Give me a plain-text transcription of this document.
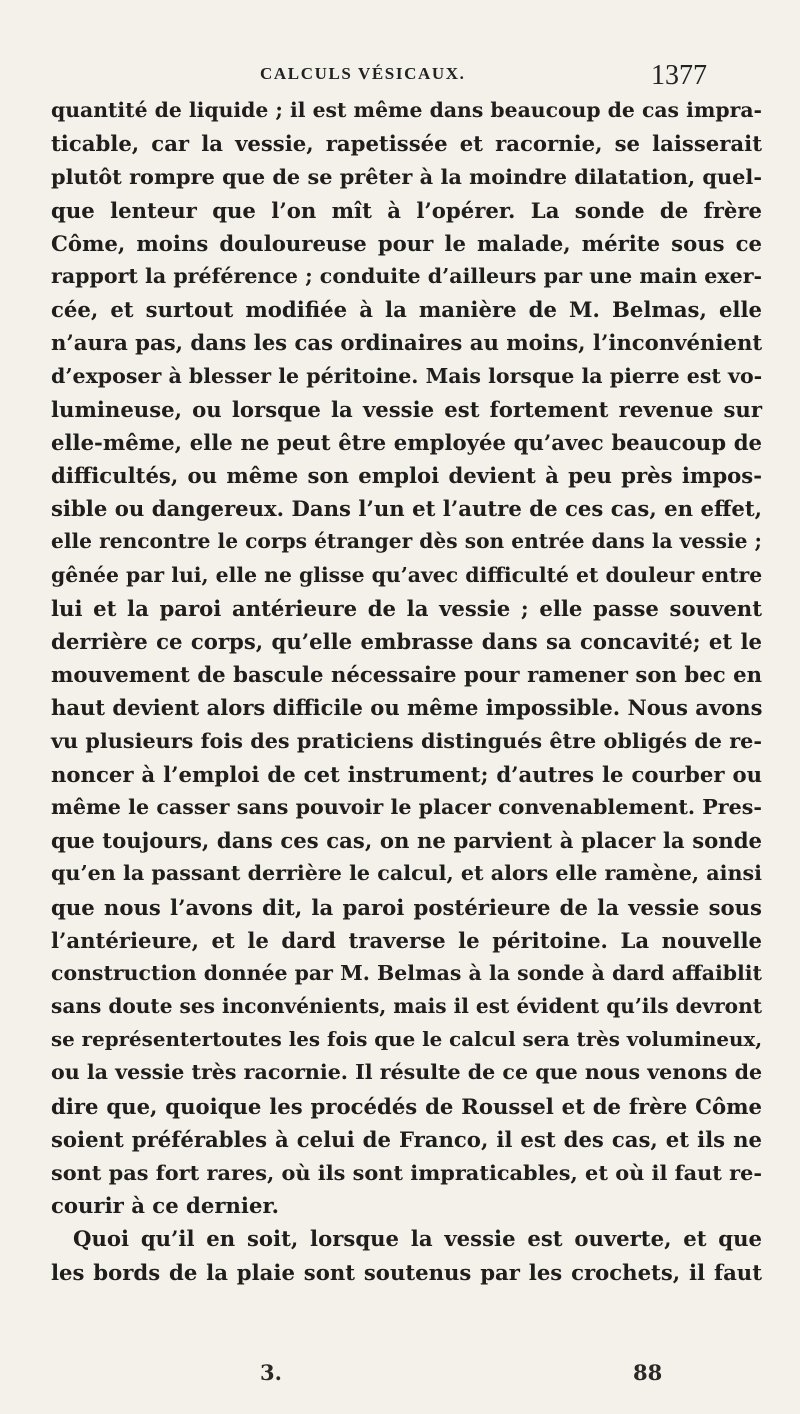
CALCULS VÉSICAUX.	1377
quantité de liquide ; il est même dans beaucoup de cas impra-
ticable, car la vessie, rapetissée et racornie, se laisserait
plutôt rompre que de se prêter à la moindre dilatation, quel-
que lenteur que l’on mît à l’opérer. La sonde de frère
Côme, moins douloureuse pour le malade, mérite sous ce
rapport la préférence ; conduite d’ailleurs par une main exer-
cée, et surtout modifiée à la manière de M. Belmas, elle
n’aura pas, dans les cas ordinaires au moins, l’inconvénient
d’exposer à blesser le péritoine. Mais lorsque la pierre est vo-
lumineuse, ou lorsque la vessie est fortement revenue sur
elle-même, elle ne peut être employée qu’avec beaucoup de
difficultés, ou même son emploi devient à peu près impos-
sible ou dangereux. Dans l’un et l’autre de ces cas, en effet,
elle rencontre le corps étranger dès son entrée dans la vessie ;
gênée par lui, elle ne glisse qu’avec difficulté et douleur entre
lui et la paroi antérieure de la vessie ; elle passe souvent
derrière ce corps, qu’elle embrasse dans sa concavité; et le
mouvement de bascule nécessaire pour ramener son bec en
haut devient alors difficile ou même impossible. Nous avons
vu plusieurs fois des praticiens distingués être obligés de re-
noncer à l’emploi de cet instrument; d’autres le courber ou
même le casser sans pouvoir le placer convenablement. Pres-
que toujours, dans ces cas, on ne parvient à placer la sonde
qu’en la passant derrière le calcul, et alors elle ramène, ainsi
que nous l’avons dit, la paroi postérieure de la vessie sous
l’antérieure, et le dard traverse le péritoine. La nouvelle
construction donnée par M. Belmas à la sonde à dard affaiblit
sans doute ses inconvénients, mais il est évident qu’ils devront
se représentertoutes les fois que le calcul sera très volumineux,
ou la vessie très racornie. Il résulte de ce que nous venons de
dire que, quoique les procédés de Roussel et de frère Côme
soient préférables à celui de Franco, il est des cas, et ils ne
sont pas fort rares, où ils sont impraticables, et où il faut re-
courir à ce dernier.
Quoi qu’il en soit, lorsque la vessie est ouverte, et que
les bords de la plaie sont soutenus par les crochets, il faut
3.	88
